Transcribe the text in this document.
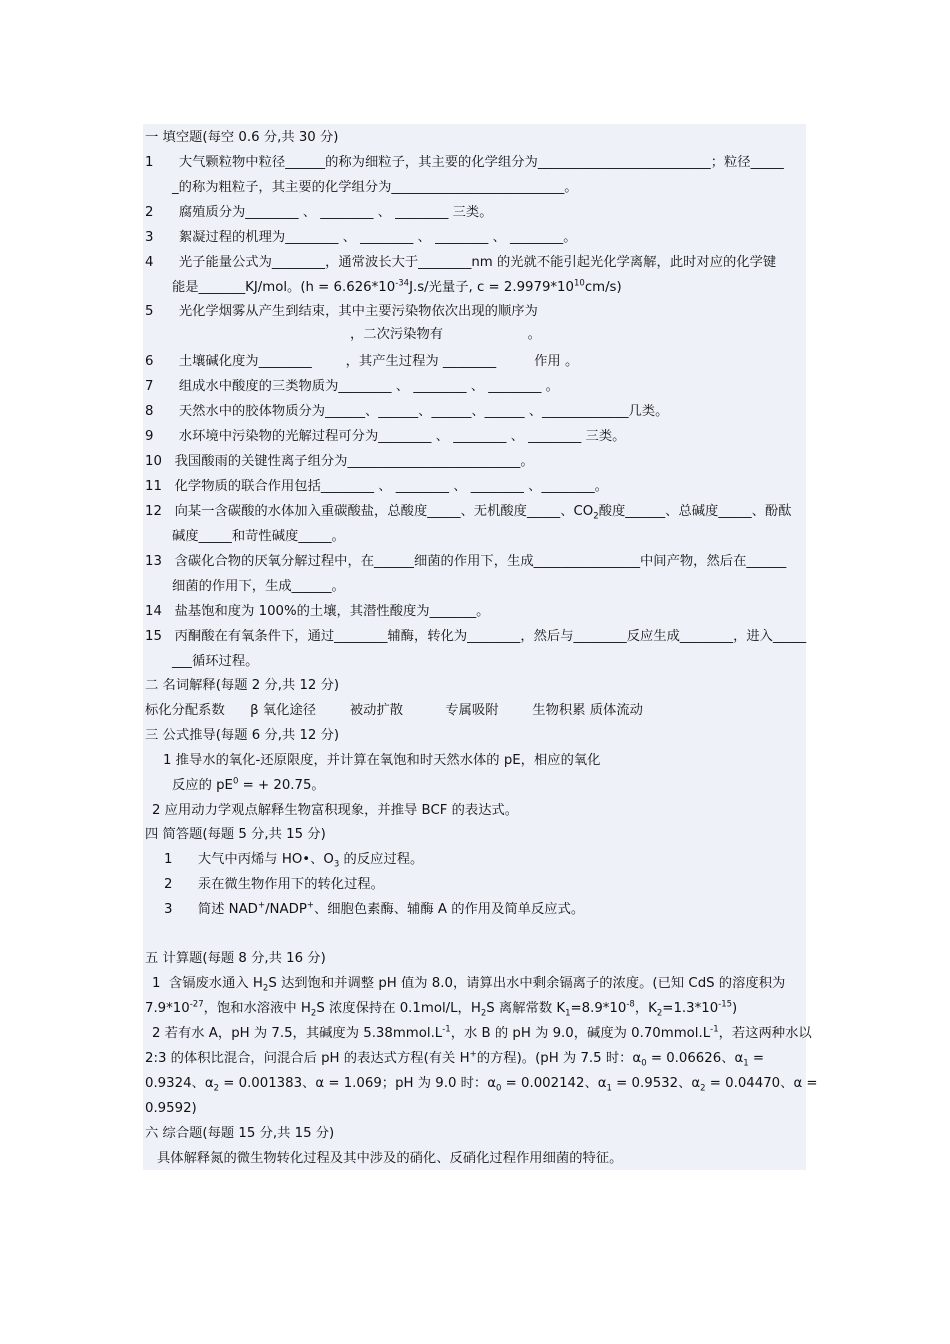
一 填空题(每空 0.6 分,共 30 分)
1      大气颗粒物中粒径______的称为细粒子，其主要的化学组分为__________________________；粒径_____
_的称为粗粒子，其主要的化学组分为__________________________。
2      腐殖质分为________ 、 ________ 、 ________ 三类。
3      絮凝过程的机理为________ 、 ________ 、 ________ 、 ________。
4      光子能量公式为________，通常波长大于________nm 的光就不能引起光化学离解，此时对应的化学键
能是_______KJ/mol。($h = 6.626*10^{-34}J.s/$光量子, $c = 2.9979*10^{10}cm/s$)
5      光化学烟雾从产生到结束，其中主要污染物依次出现的顺序为
，二次污染物有                    。
6      土壤碱化度为________        ，其产生过程为 ________         作用 。
7      组成水中酸度的三类物质为________ 、 ________ 、 ________ 。
8      天然水中的胶体物质分为______、______、______、______ 、_____________几类。
9      水环境中污染物的光解过程可分为________ 、 ________ 、 ________ 三类。
10   我国酸雨的关键性离子组分为__________________________。
11   化学物质的联合作用包括________ 、 ________ 、 ________ 、________。
12   向某一含碳酸的水体加入重碳酸盐，总酸度_____、无机酸度_____、$CO_2$酸度______、总碱度_____、酚酞
碱度_____和苛性碱度_____。
13   含碳化合物的厌氧分解过程中，在______细菌的作用下，生成________________中间产物，然后在______
细菌的作用下，生成______。
14   盐基饱和度为 100%的土壤，其潜性酸度为_______。
15   丙酮酸在有氧条件下，通过________辅酶，转化为________，然后与________反应生成________，进入_____
___循环过程。
二 名词解释(每题 2 分,共 12 分)
标化分配系数      β 氧化途径        被动扩散          专属吸附        生物积累 质体流动
三 公式推导(每题 6 分,共 12 分)
1 推导水的氧化-还原限度，并计算在氧饱和时天然水体的 pE，相应的氧化
反应的 $pE^0$ = + 20.75。
2 应用动力学观点解释生物富积现象，并推导 BCF 的表达式。
四 简答题(每题 5 分,共 15 分)
1      大气中丙烯与 HO•、$O_3$ 的反应过程。
2      汞在微生物作用下的转化过程。
3      简述 NAD+/NADP+、细胞色素酶、辅酶 A 的作用及简单反应式。
五 计算题(每题 8 分,共 16 分)
1  含镉废水通入 $H_2S$ 达到饱和并调整 pH 值为 8.0，请算出水中剩余镉离子的浓度。(已知 CdS 的溶度积为
$7.9*10^{-27}$，饱和水溶液中 $H_2S$ 浓度保持在 0.1mol/L，$H_2S$ 离解常数 $K_1=8.9*10^{-8}$，$K_2=1.3*10^{-15}$)
2 若有水 A，pH 为 7.5，其碱度为 $5.38mmol.L^{-1}$，水 B 的 pH 为 9.0，碱度为 $0.70mmol.L^{-1}$，若这两种水以
2:3 的体积比混合，问混合后 pH 的表达式方程(有关 H+的方程)。(pH 为 7.5 时：$\alpha_0 = 0.06626$、$\alpha_1$ =
0.9324、$\alpha_2 = 0.001383$、α = 1.069；pH 为 9.0 时：$\alpha_0 = 0.002142$、$\alpha_1 = 0.9532$、$\alpha_2 = 0.04470$、α =
0.9592)
六 综合题(每题 15 分,共 15 分)
具体解释氮的微生物转化过程及其中涉及的硝化、反硝化过程作用细菌的特征。
